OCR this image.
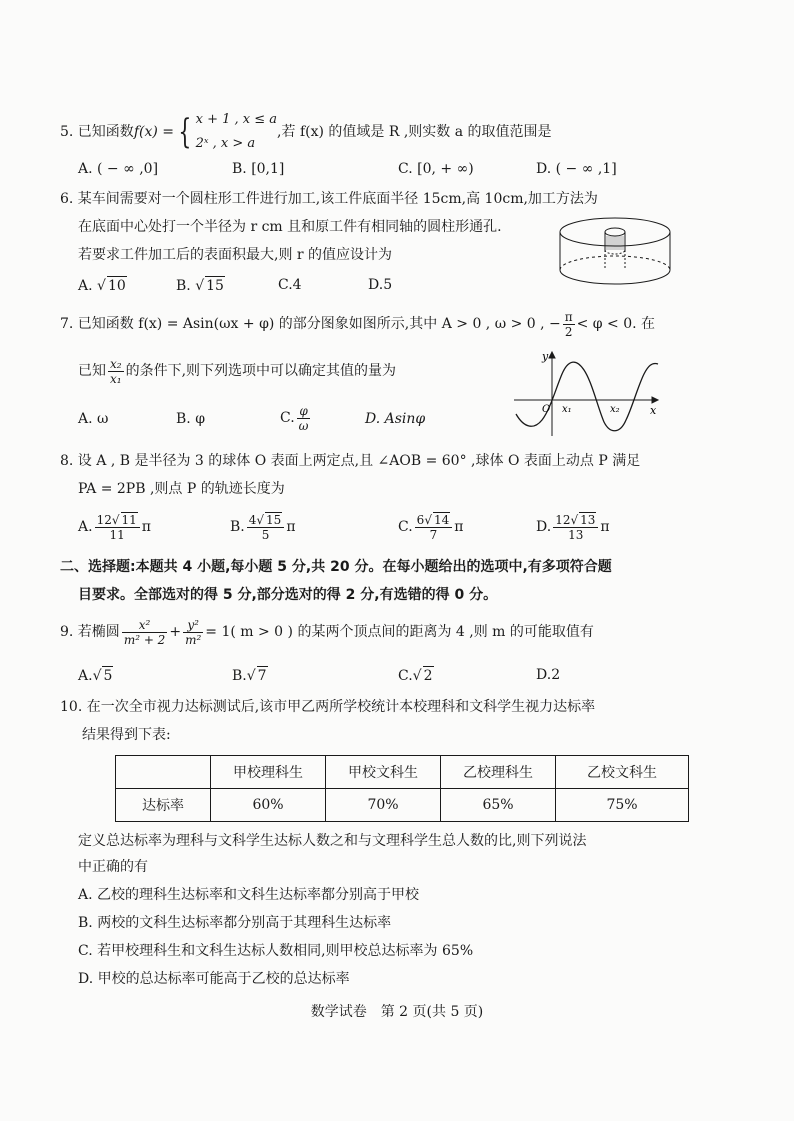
5. 已知函数f(x) = { x + 1 , x ≤ a
2ˣ , x > a
,若 f(x) 的值域是 R ,则实数 a 的取值范围是
A. ( − ∞ ,0]	B. [0,1]	C. [0, + ∞)	D. ( − ∞ ,1]
6. 某车间需要对一个圆柱形工件进行加工,该工件底面半径 15cm,高 10cm,加工方法为
在底面中心处打一个半径为 r cm 且和原工件有相同轴的圆柱形通孔.
若要求工件加工后的表面积最大,则 r 的值应设计为
A. √ 10	B. √ 15	C.4	D.5
7. 已知函数 f(x) = Asin(ωx + φ) 的部分图象如图所示,其中 A > 0 , ω > 0 , − $\frac{\pi}{2} < \varphi < 0$. 在
已知 $\frac{\text{x₂}}{\text{x₁}}$ 的条件下,则下列选项中可以确定其值的量为
A. ω	B. φ	C. $\frac{\varphi}{\omega}$	D. Asinφ
y
x
O x₁	x₂
8. 设 A , B 是半径为 3 的球体 O 表面上两定点,且 ∠AOB = 60° ,球体 O 表面上动点 P 满足
PA = 2PB ,则点 P 的轨迹长度为
A. $\frac{12√ 11}{11}$ π	B. $\frac{4√ 15}{5}$ π	C. $\frac{6√ 14}{7}$ π	D. $\frac{12√ 13}{13}$ π
二、选择题:本题共 4 小题,每小题 5 分,共 20 分。在每小题给出的选项中,有多项符合题
目要求。全部选对的得 5 分,部分选对的得 2 分,有选错的得 0 分。
9. 若椭圆 $\frac{\text{x²}}{\text{m² + 2}} + \frac{\text{y²}}{\text{m²}} = 1$( m > 0 ) 的某两个顶点间的距离为 4 ,则 m 的可能取值有
A.√ 5	B.√ 7	C.√ 2	D.2
10. 在一次全市视力达标测试后,该市甲乙两所学校统计本校理科和文科学生视力达标率
结果得到下表:
	甲校理科生	甲校文科生	乙校理科生	乙校文科生
达标率	60%	70%	65%	75%
定义总达标率为理科与文科学生达标人数之和与文理科学生总人数的比,则下列说法
中正确的有
A. 乙校的理科生达标率和文科生达标率都分别高于甲校
B. 两校的文科生达标率都分别高于其理科生达标率
C. 若甲校理科生和文科生达标人数相同,则甲校总达标率为 65%
D. 甲校的总达标率可能高于乙校的总达标率
数学试卷　第 2 页(共 5 页)
